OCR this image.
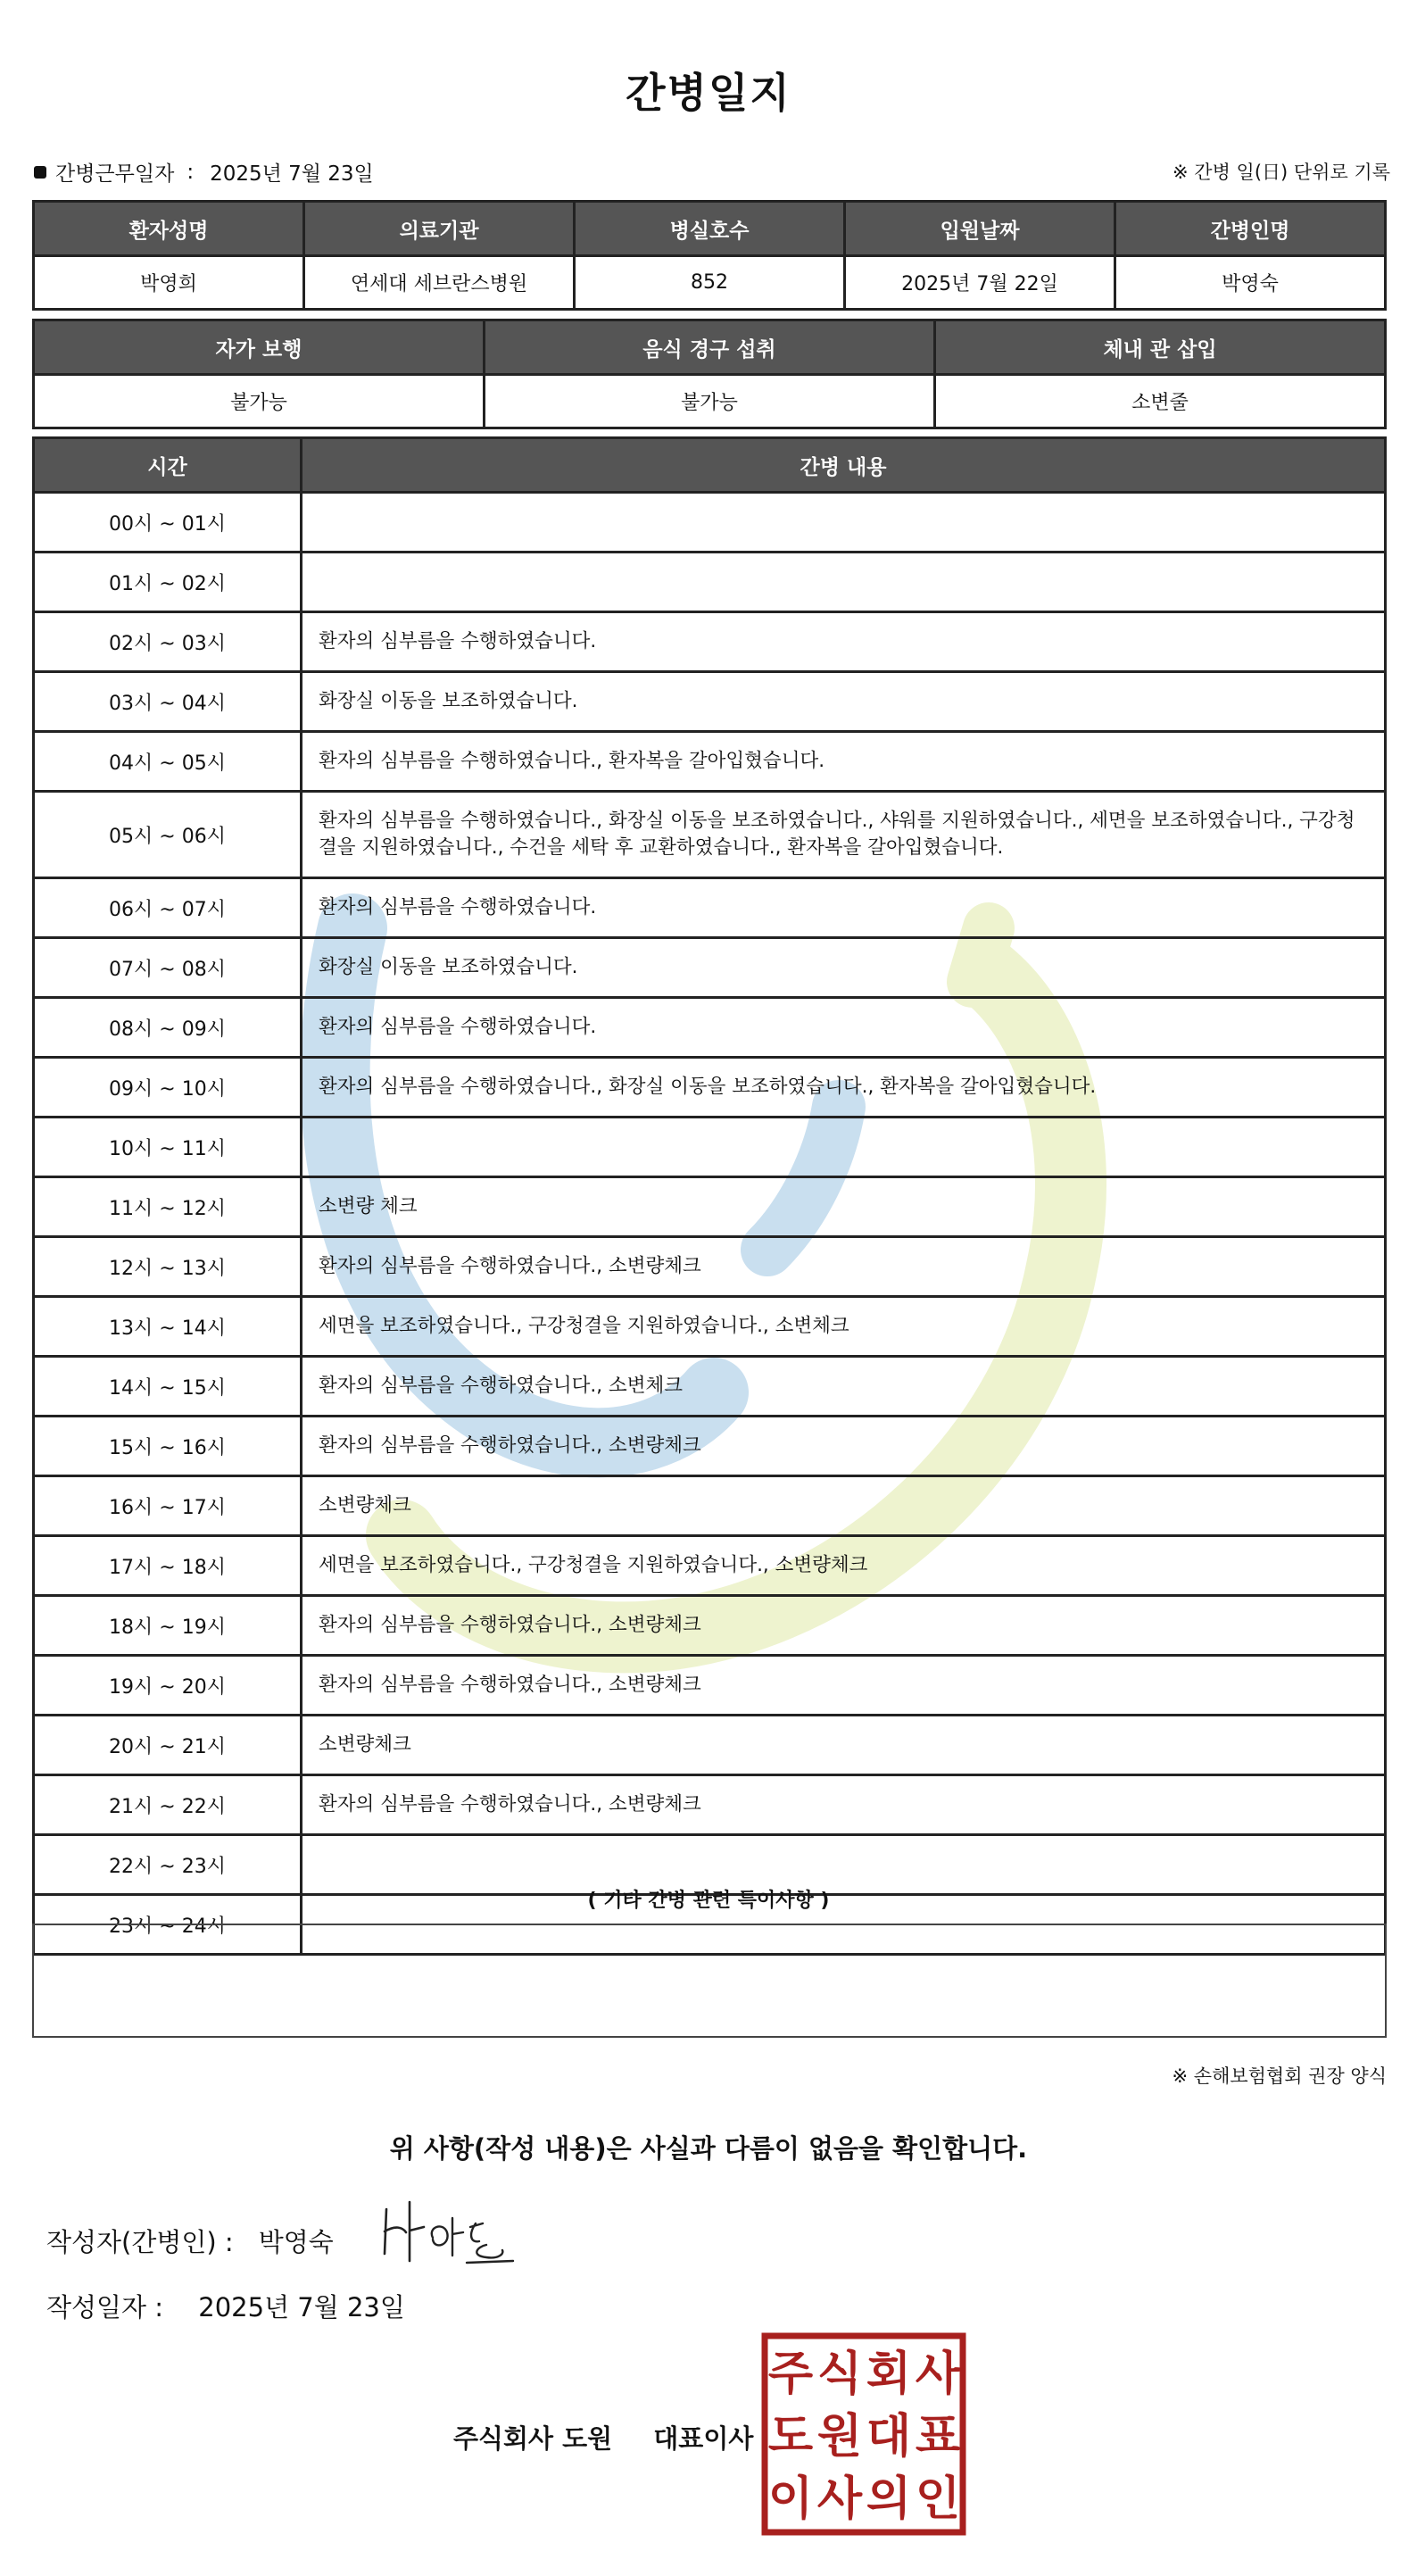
간병일지
간병근무일자 : 2025년 7월 23일	※ 간병 일(日) 단위로 기록
환자성명	의료기관	병실호수	입원날짜	간병인명
박영희	연세대 세브란스병원	852	2025년 7월 22일	박영숙
자가 보행	음식 경구 섭취	체내 관 삽입
불가능	불가능	소변줄
시간	간병 내용
00시 ~ 01시	
01시 ~ 02시	
02시 ~ 03시	환자의 심부름을 수행하였습니다.
03시 ~ 04시	화장실 이동을 보조하였습니다.
04시 ~ 05시	환자의 심부름을 수행하였습니다., 환자복을 갈아입혔습니다.
05시 ~ 06시	환자의 심부름을 수행하였습니다., 화장실 이동을 보조하였습니다., 샤워를 지원하였습니다., 세면을 보조하였습니다., 구강청결을 지원하였습니다., 수건을 세탁 후 교환하였습니다., 환자복을 갈아입혔습니다.
06시 ~ 07시	환자의 심부름을 수행하였습니다.
07시 ~ 08시	화장실 이동을 보조하였습니다.
08시 ~ 09시	환자의 심부름을 수행하였습니다.
09시 ~ 10시	환자의 심부름을 수행하였습니다., 화장실 이동을 보조하였습니다., 환자복을 갈아입혔습니다.
10시 ~ 11시	
11시 ~ 12시	소변량 체크
12시 ~ 13시	환자의 심부름을 수행하였습니다., 소변량체크
13시 ~ 14시	세면을 보조하였습니다., 구강청결을 지원하였습니다., 소변체크
14시 ~ 15시	환자의 심부름을 수행하였습니다., 소변체크
15시 ~ 16시	환자의 심부름을 수행하였습니다., 소변량체크
16시 ~ 17시	소변량체크
17시 ~ 18시	세면을 보조하였습니다., 구강청결을 지원하였습니다., 소변량체크
18시 ~ 19시	환자의 심부름을 수행하였습니다., 소변량체크
19시 ~ 20시	환자의 심부름을 수행하였습니다., 소변량체크
20시 ~ 21시	소변량체크
21시 ~ 22시	환자의 심부름을 수행하였습니다., 소변량체크
22시 ~ 23시	
23시 ~ 24시	
( 기타 간병 관련 특이사항 )
※ 손해보험협회 권장 양식
위 사항(작성 내용)은 사실과 다름이 없음을 확인합니다.
작성자(간병인) : 박영숙
작성일자 : 2025년 7월 23일
주식회사 도원 대표이사
주 식 회 사
도 원 대 표
이 사 의 인
